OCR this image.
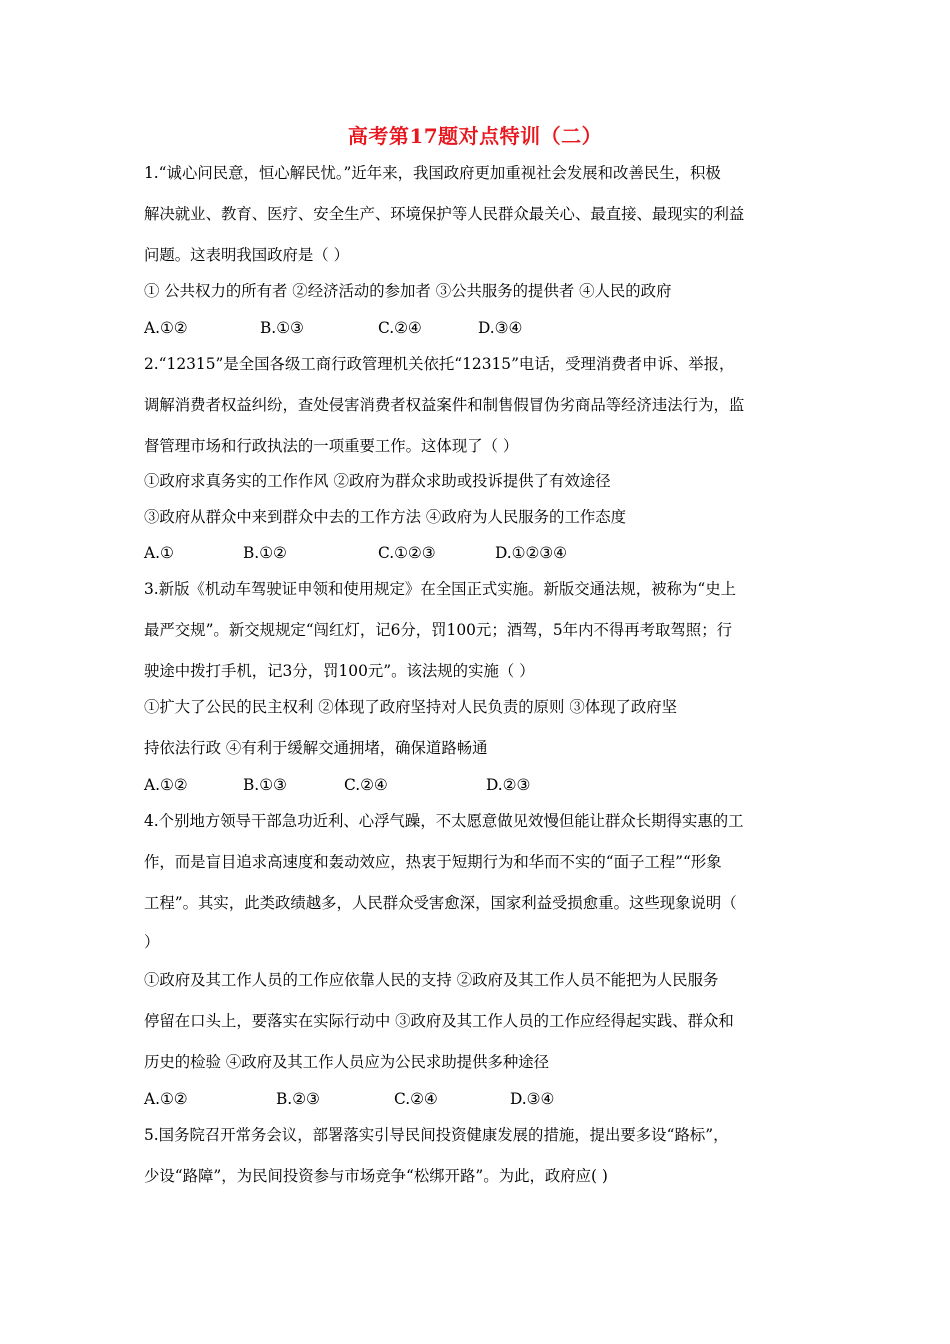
高考第17题对点特训（二）
1.“诚心问民意，恒心解民忧。”近年来，我国政府更加重视社会发展和改善民生，积极
解决就业、教育、医疗、安全生产、环境保护等人民群众最关心、最直接、最现实的利益
问题。这表明我国政府是（ ）
① 公共权力的所有者 ②经济活动的参加者 ③公共服务的提供者 ④人民的政府
A.①②	B.①③	C.②④	D.③④
2.“12315”是全国各级工商行政管理机关依托“12315”电话，受理消费者申诉、举报，
调解消费者权益纠纷，查处侵害消费者权益案件和制售假冒伪劣商品等经济违法行为，监
督管理市场和行政执法的一项重要工作。这体现了（ ）
①政府求真务实的工作作风 ②政府为群众求助或投诉提供了有效途径
③政府从群众中来到群众中去的工作方法 ④政府为人民服务的工作态度
A.①	B.①②	C.①②③	D.①②③④
3.新版《机动车驾驶证申领和使用规定》在全国正式实施。新版交通法规，被称为“史上
最严交规”。新交规规定“闯红灯，记6分，罚100元；酒驾，5年内不得再考取驾照；行
驶途中拨打手机，记3分，罚100元”。该法规的实施（ ）
①扩大了公民的民主权利 ②体现了政府坚持对人民负责的原则 ③体现了政府坚
持依法行政 ④有利于缓解交通拥堵，确保道路畅通
A.①②	B.①③	C.②④	D.②③
4.个别地方领导干部急功近利、心浮气躁，不太愿意做见效慢但能让群众长期得实惠的工
作，而是盲目追求高速度和轰动效应，热衷于短期行为和华而不实的“面子工程”“形象
工程”。其实，此类政绩越多，人民群众受害愈深，国家利益受损愈重。这些现象说明（
）
①政府及其工作人员的工作应依靠人民的支持 ②政府及其工作人员不能把为人民服务
停留在口头上，要落实在实际行动中 ③政府及其工作人员的工作应经得起实践、群众和
历史的检验 ④政府及其工作人员应为公民求助提供多种途径
A.①②	B.②③	C.②④	D.③④
5.国务院召开常务会议，部署落实引导民间投资健康发展的措施，提出要多设“路标”，
少设“路障”，为民间投资参与市场竞争“松绑开路”。为此，政府应( )
